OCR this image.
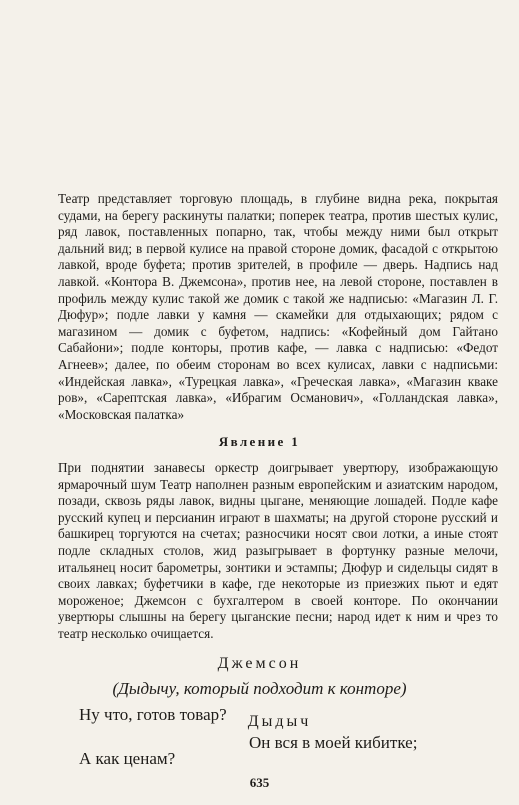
Театр представляет торговую площадь, в глубине видна река, покрытая судами, на берегу раскинуты палатки; поперек театра, против шестых кулис, ряд лавок, поставленных попарно, так, чтобы между ними был открыт дальний вид; в первой кулисе на правой стороне домик, фасадой с открытою лавкой, вроде буфета; против зрителей, в профиле — дверь. Надпись над лавкой. «Контора В. Джемсона», против нее, на левой стороне, поставлен в профиль между кулис такой же домик с такой же надписью: «Магазин Л. Г. Дюфур»; подле лавки у камня — скамейки для отдыхающих; рядом с магазином — домик с буфетом, надпись: «Кофейный дом Гайтано Сабайони»; подле конторы, против кафе, — лавка с надписью: «Федот Агнеев»; далее, по обеим сторонам во всех кулисах, лавки с надписьми: «Индейская лавка», «Турецкая лавка», «Греческая лавка», «Магазин кваке ров», «Сарептская лавка», «Ибрагим Османович», «Голландская лавка», «Московская палатка»

Явление 1

При поднятии занавесы оркестр доигрывает увертюру, изображающую ярмарочный шум Театр наполнен разным европейским и азиатским народом, позади, сквозь ряды лавок, видны цыгане, меняющие лошадей. Подле кафе русский купец и персианин играют в шахматы; на другой стороне русский и башкирец торгуются на счетах; разносчики носят свои лотки, а иные стоят подле складных столов, жид разыгрывает в фортунку разные мелочи, итальянец носит барометры, зонтики и эстампы; Дюфур и сидельцы сидят в своих лавках; буфетчики в кафе, где некоторые из приезжих пьют и едят мороженое; Джемсон с бухгалтером в своей конторе. По окончании увертюры слышны на берегу цыганские песни; народ идет к ним и чрез то театр несколько очищается.

Джемсон

(Дыдычу, который подходит к конторе)

Ну что, готов товар?	Дыдыч

Он вся в моей кибитке;

А как ценам?

635
